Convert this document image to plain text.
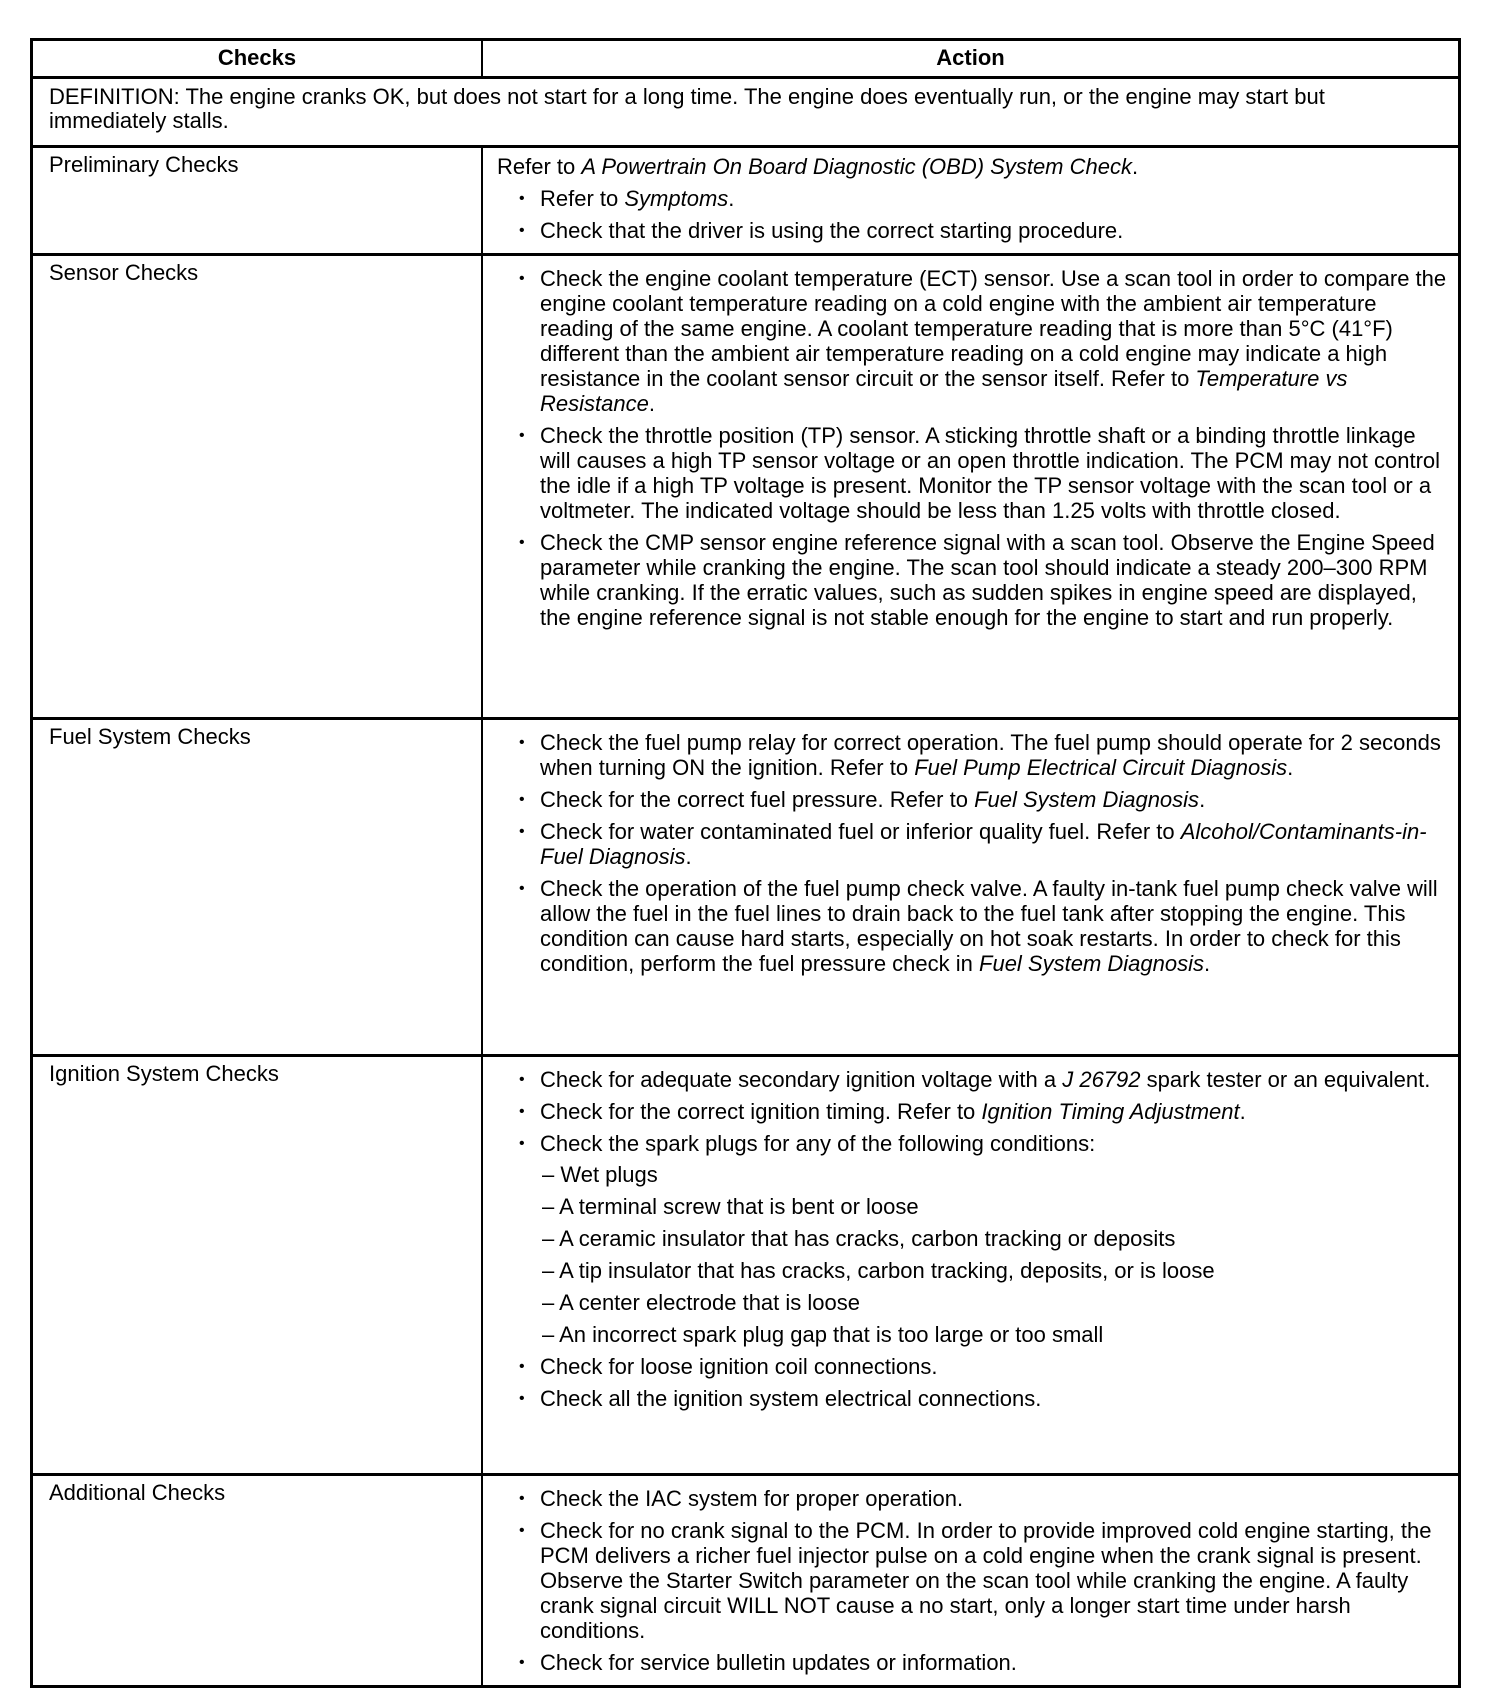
Checks	Action
DEFINITION: The engine cranks OK, but does not start for a long time. The engine does eventually run, or the engine may start but immediately stalls.
Preliminary Checks	Refer to A Powertrain On Board Diagnostic (OBD) System Check.
• Refer to Symptoms.
• Check that the driver is using the correct starting procedure.
Sensor Checks	• Check the engine coolant temperature (ECT) sensor. Use a scan tool in order to compare the engine coolant temperature reading on a cold engine with the ambient air temperature reading of the same engine. A coolant temperature reading that is more than 5°C (41°F) different than the ambient air temperature reading on a cold engine may indicate a high resistance in the coolant sensor circuit or the sensor itself. Refer to Temperature vs Resistance.
• Check the throttle position (TP) sensor. A sticking throttle shaft or a binding throttle linkage will causes a high TP sensor voltage or an open throttle indication. The PCM may not control the idle if a high TP voltage is present. Monitor the TP sensor voltage with the scan tool or a voltmeter. The indicated voltage should be less than 1.25 volts with throttle closed.
• Check the CMP sensor engine reference signal with a scan tool. Observe the Engine Speed parameter while cranking the engine. The scan tool should indicate a steady 200–300 RPM while cranking. If the erratic values, such as sudden spikes in engine speed are displayed, the engine reference signal is not stable enough for the engine to start and run properly.
Fuel System Checks	• Check the fuel pump relay for correct operation. The fuel pump should operate for 2 seconds when turning ON the ignition. Refer to Fuel Pump Electrical Circuit Diagnosis.
• Check for the correct fuel pressure. Refer to Fuel System Diagnosis.
• Check for water contaminated fuel or inferior quality fuel. Refer to Alcohol/Contaminants-in-Fuel Diagnosis.
• Check the operation of the fuel pump check valve. A faulty in-tank fuel pump check valve will allow the fuel in the fuel lines to drain back to the fuel tank after stopping the engine. This condition can cause hard starts, especially on hot soak restarts. In order to check for this condition, perform the fuel pressure check in Fuel System Diagnosis.
Ignition System Checks	• Check for adequate secondary ignition voltage with a J 26792 spark tester or an equivalent.
• Check for the correct ignition timing. Refer to Ignition Timing Adjustment.
• Check the spark plugs for any of the following conditions:
– Wet plugs
– A terminal screw that is bent or loose
– A ceramic insulator that has cracks, carbon tracking or deposits
– A tip insulator that has cracks, carbon tracking, deposits, or is loose
– A center electrode that is loose
– An incorrect spark plug gap that is too large or too small
• Check for loose ignition coil connections.
• Check all the ignition system electrical connections.
Additional Checks	• Check the IAC system for proper operation.
• Check for no crank signal to the PCM. In order to provide improved cold engine starting, the PCM delivers a richer fuel injector pulse on a cold engine when the crank signal is present. Observe the Starter Switch parameter on the scan tool while cranking the engine. A faulty crank signal circuit WILL NOT cause a no start, only a longer start time under harsh conditions.
• Check for service bulletin updates or information.
